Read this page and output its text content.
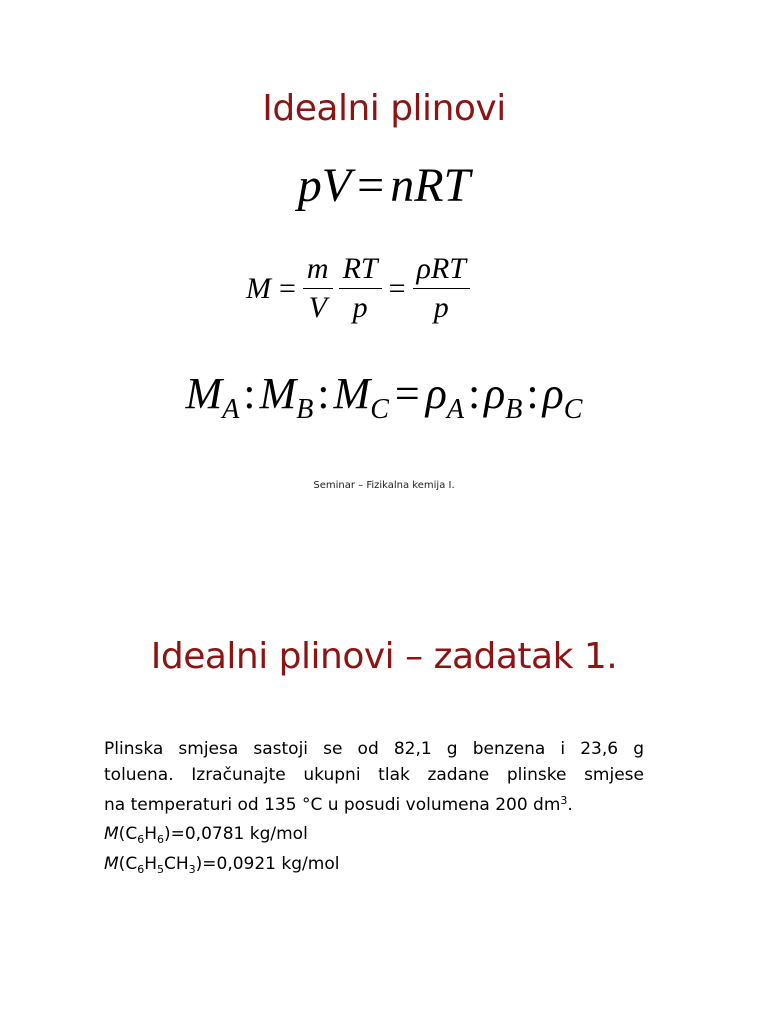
Idealni plinovi
pV = nRT
$M = \frac{m}{V} \frac{RT}{p} = \frac{\text{ρRT}}{p}$
$M_A:M_B:M_C$ = $\rho_A:\rho_B:\rho_C$
Seminar – Fizikalna kemija I.
Idealni plinovi – zadatak 1.
Plinska smjesa sastoji se od 82,1 g benzena i 23,6 g
toluena. Izračunajte ukupni tlak zadane plinske smjese
na temperaturi od 135 °C u posudi volumena 200 $dm^3$.
$M(C_6H_6)=0,0781$ kg/mol
$M(C_6H_5CH_3)=0,0921$ kg/mol
